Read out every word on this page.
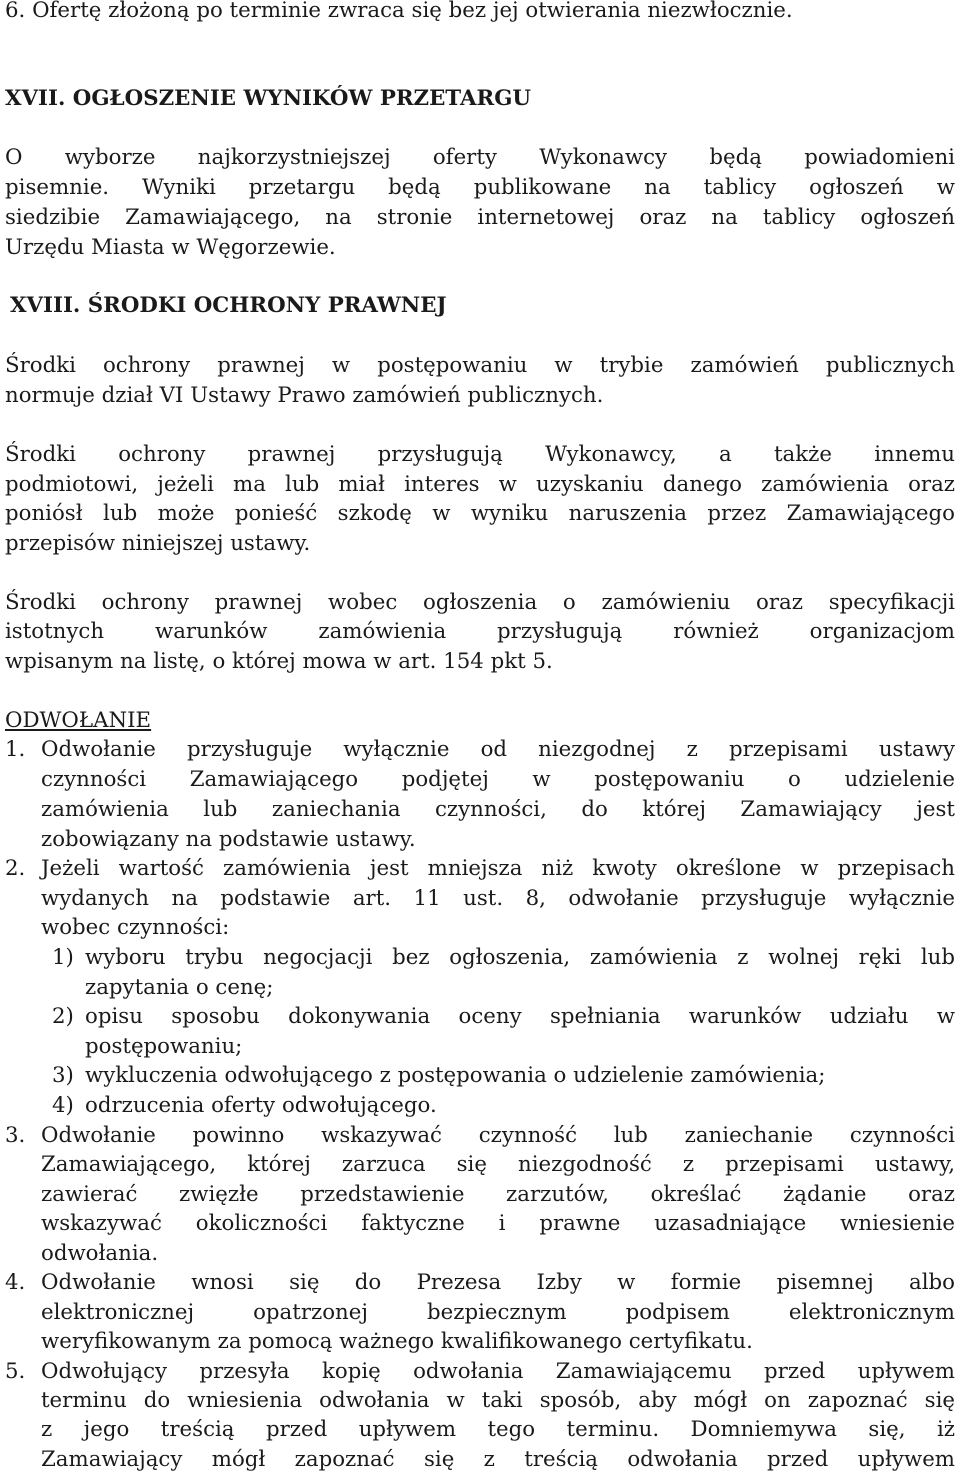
6. Ofertę złożoną po terminie zwraca się bez jej otwierania niezwłocznie.
XVII. OGŁOSZENIE WYNIKÓW PRZETARGU
O wyborze najkorzystniejszej oferty Wykonawcy będą powiadomieni
pisemnie. Wyniki przetargu będą publikowane na tablicy ogłoszeń w
siedzibie Zamawiającego, na stronie internetowej oraz na tablicy ogłoszeń
Urzędu Miasta w Węgorzewie.
XVIII. ŚRODKI OCHRONY PRAWNEJ
Środki ochrony prawnej w postępowaniu w trybie zamówień publicznych
normuje dział VI Ustawy Prawo zamówień publicznych.
Środki ochrony prawnej przysługują Wykonawcy, a także innemu
podmiotowi, jeżeli ma lub miał interes w uzyskaniu danego zamówienia oraz
poniósł lub może ponieść szkodę w wyniku naruszenia przez Zamawiającego
przepisów niniejszej ustawy.
Środki ochrony prawnej wobec ogłoszenia o zamówieniu oraz specyfikacji
istotnych warunków zamówienia przysługują również organizacjom
wpisanym na listę, o której mowa w art. 154 pkt 5.
ODWOŁANIE
1. Odwołanie przysługuje wyłącznie od niezgodnej z przepisami ustawy
czynności Zamawiającego podjętej w postępowaniu o udzielenie
zamówienia lub zaniechania czynności, do której Zamawiający jest
zobowiązany na podstawie ustawy.
2. Jeżeli wartość zamówienia jest mniejsza niż kwoty określone w przepisach
wydanych na podstawie art. 11 ust. 8, odwołanie przysługuje wyłącznie
wobec czynności:
1) wyboru trybu negocjacji bez ogłoszenia, zamówienia z wolnej ręki lub
zapytania o cenę;
2) opisu sposobu dokonywania oceny spełniania warunków udziału w
postępowaniu;
3) wykluczenia odwołującego z postępowania o udzielenie zamówienia;
4) odrzucenia oferty odwołującego.
3. Odwołanie powinno wskazywać czynność lub zaniechanie czynności
Zamawiającego, której zarzuca się niezgodność z przepisami ustawy,
zawierać zwięzłe przedstawienie zarzutów, określać żądanie oraz
wskazywać okoliczności faktyczne i prawne uzasadniające wniesienie
odwołania.
4. Odwołanie wnosi się do Prezesa Izby w formie pisemnej albo
elektronicznej opatrzonej bezpiecznym podpisem elektronicznym
weryfikowanym za pomocą ważnego kwalifikowanego certyfikatu.
5. Odwołujący przesyła kopię odwołania Zamawiającemu przed upływem
terminu do wniesienia odwołania w taki sposób, aby mógł on zapoznać się
z jego treścią przed upływem tego terminu. Domniemywa się, iż
Zamawiający mógł zapoznać się z treścią odwołania przed upływem
